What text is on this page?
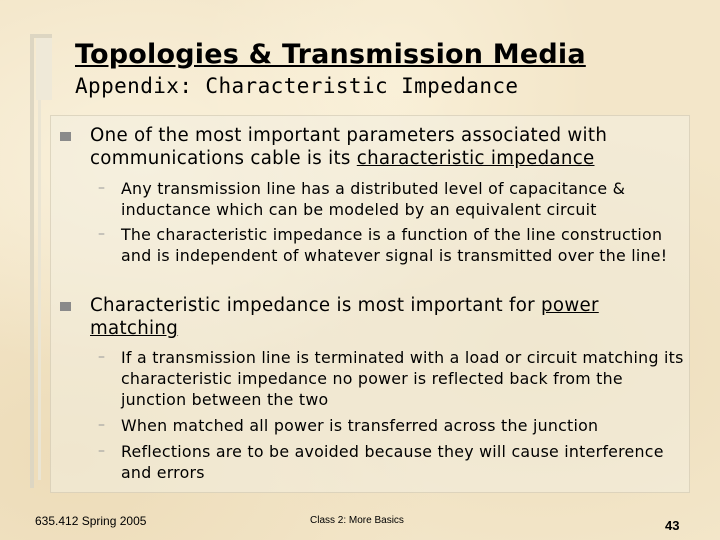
Topologies & Transmission Media
Appendix: Characteristic Impedance
One of the most important parameters associated with communications cable is its characteristic impedance
– Any transmission line has a distributed level of capacitance & inductance which can be modeled by an equivalent circuit
– The characteristic impedance is a function of the line construction and is independent of whatever signal is transmitted over the line!
Characteristic impedance is most important for power matching
– If a transmission line is terminated with a load or circuit matching its characteristic impedance no power is reflected back from the junction between the two
– When matched all power is transferred across the junction
– Reflections are to be avoided because they will cause interference and errors
635.412 Spring 2005	Class 2: More Basics	43
